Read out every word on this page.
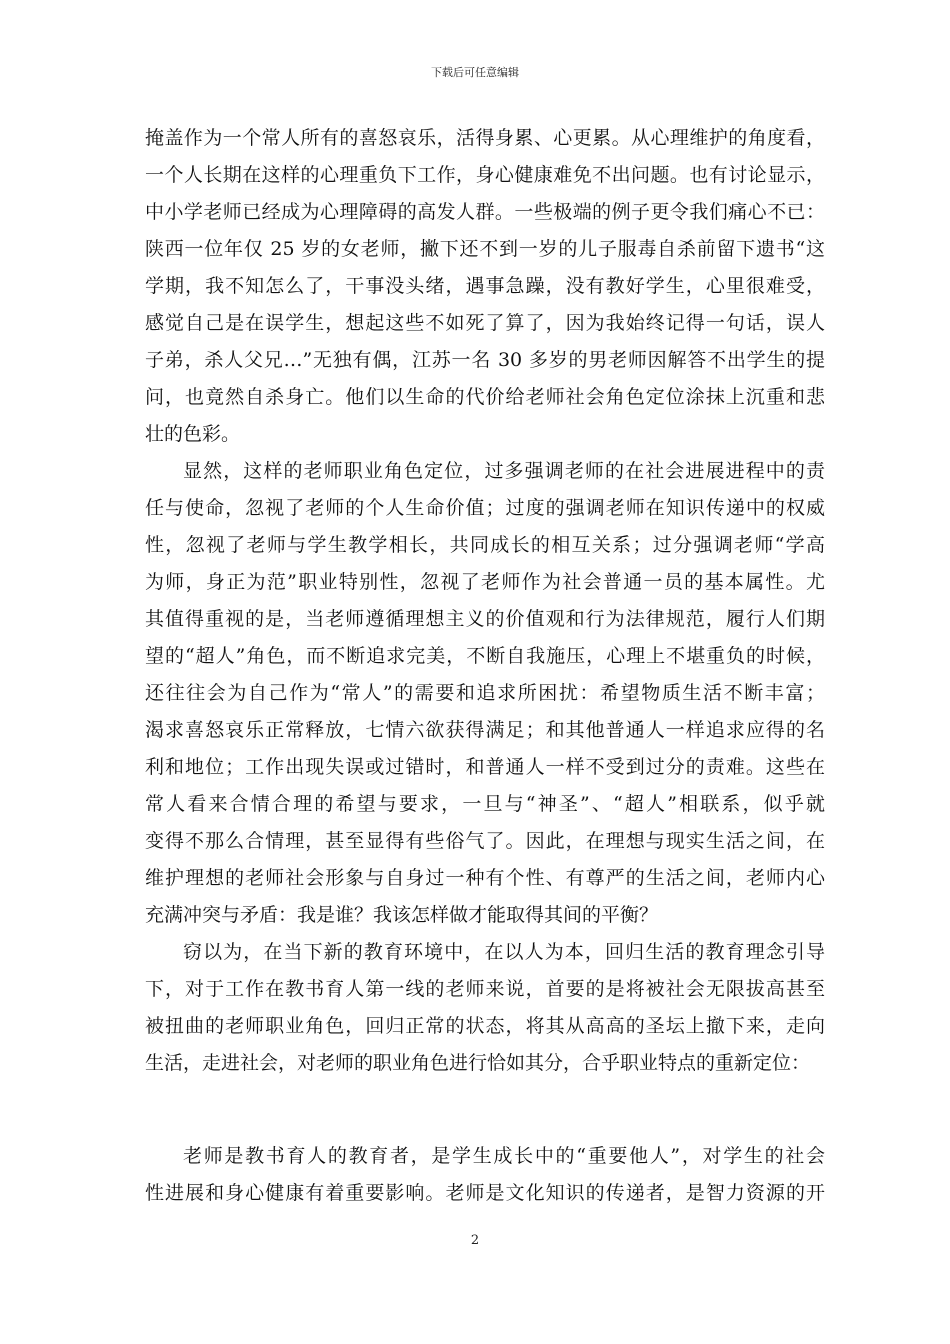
下载后可任意编辑
掩盖作为一个常人所有的喜怒哀乐，活得身累、心更累。从心理维护的角度看，
一个人长期在这样的心理重负下工作，身心健康难免不出问题。也有讨论显示，
中小学老师已经成为心理障碍的高发人群。一些极端的例子更令我们痛心不已：
陕西一位年仅 25 岁的女老师，撇下还不到一岁的儿子服毒自杀前留下遗书“这
学期，我不知怎么了，干事没头绪，遇事急躁，没有教好学生，心里很难受，
感觉自己是在误学生，想起这些不如死了算了，因为我始终记得一句话，误人
子弟，杀人父兄…”无独有偶，江苏一名 30 多岁的男老师因解答不出学生的提
问，也竟然自杀身亡。他们以生命的代价给老师社会角色定位涂抹上沉重和悲
壮的色彩。
显然，这样的老师职业角色定位，过多强调老师的在社会进展进程中的责
任与使命，忽视了老师的个人生命价值；过度的强调老师在知识传递中的权威
性，忽视了老师与学生教学相长，共同成长的相互关系；过分强调老师“学高
为师，身正为范”职业特别性，忽视了老师作为社会普通一员的基本属性。尤
其值得重视的是，当老师遵循理想主义的价值观和行为法律规范，履行人们期
望的“超人”角色，而不断追求完美，不断自我施压，心理上不堪重负的时候，
还往往会为自己作为“常人”的需要和追求所困扰：希望物质生活不断丰富；
渴求喜怒哀乐正常释放，七情六欲获得满足；和其他普通人一样追求应得的名
利和地位；工作出现失误或过错时，和普通人一样不受到过分的责难。这些在
常人看来合情合理的希望与要求，一旦与“神圣”、“超人”相联系，似乎就
变得不那么合情理，甚至显得有些俗气了。因此，在理想与现实生活之间，在
维护理想的老师社会形象与自身过一种有个性、有尊严的生活之间，老师内心
充满冲突与矛盾：我是谁？我该怎样做才能取得其间的平衡？
窃以为，在当下新的教育环境中，在以人为本，回归生活的教育理念引导
下，对于工作在教书育人第一线的老师来说，首要的是将被社会无限拔高甚至
被扭曲的老师职业角色，回归正常的状态，将其从高高的圣坛上撤下来，走向
生活，走进社会，对老师的职业角色进行恰如其分，合乎职业特点的重新定位：
老师是教书育人的教育者，是学生成长中的“重要他人”，对学生的社会
性进展和身心健康有着重要影响。老师是文化知识的传递者，是智力资源的开
2
